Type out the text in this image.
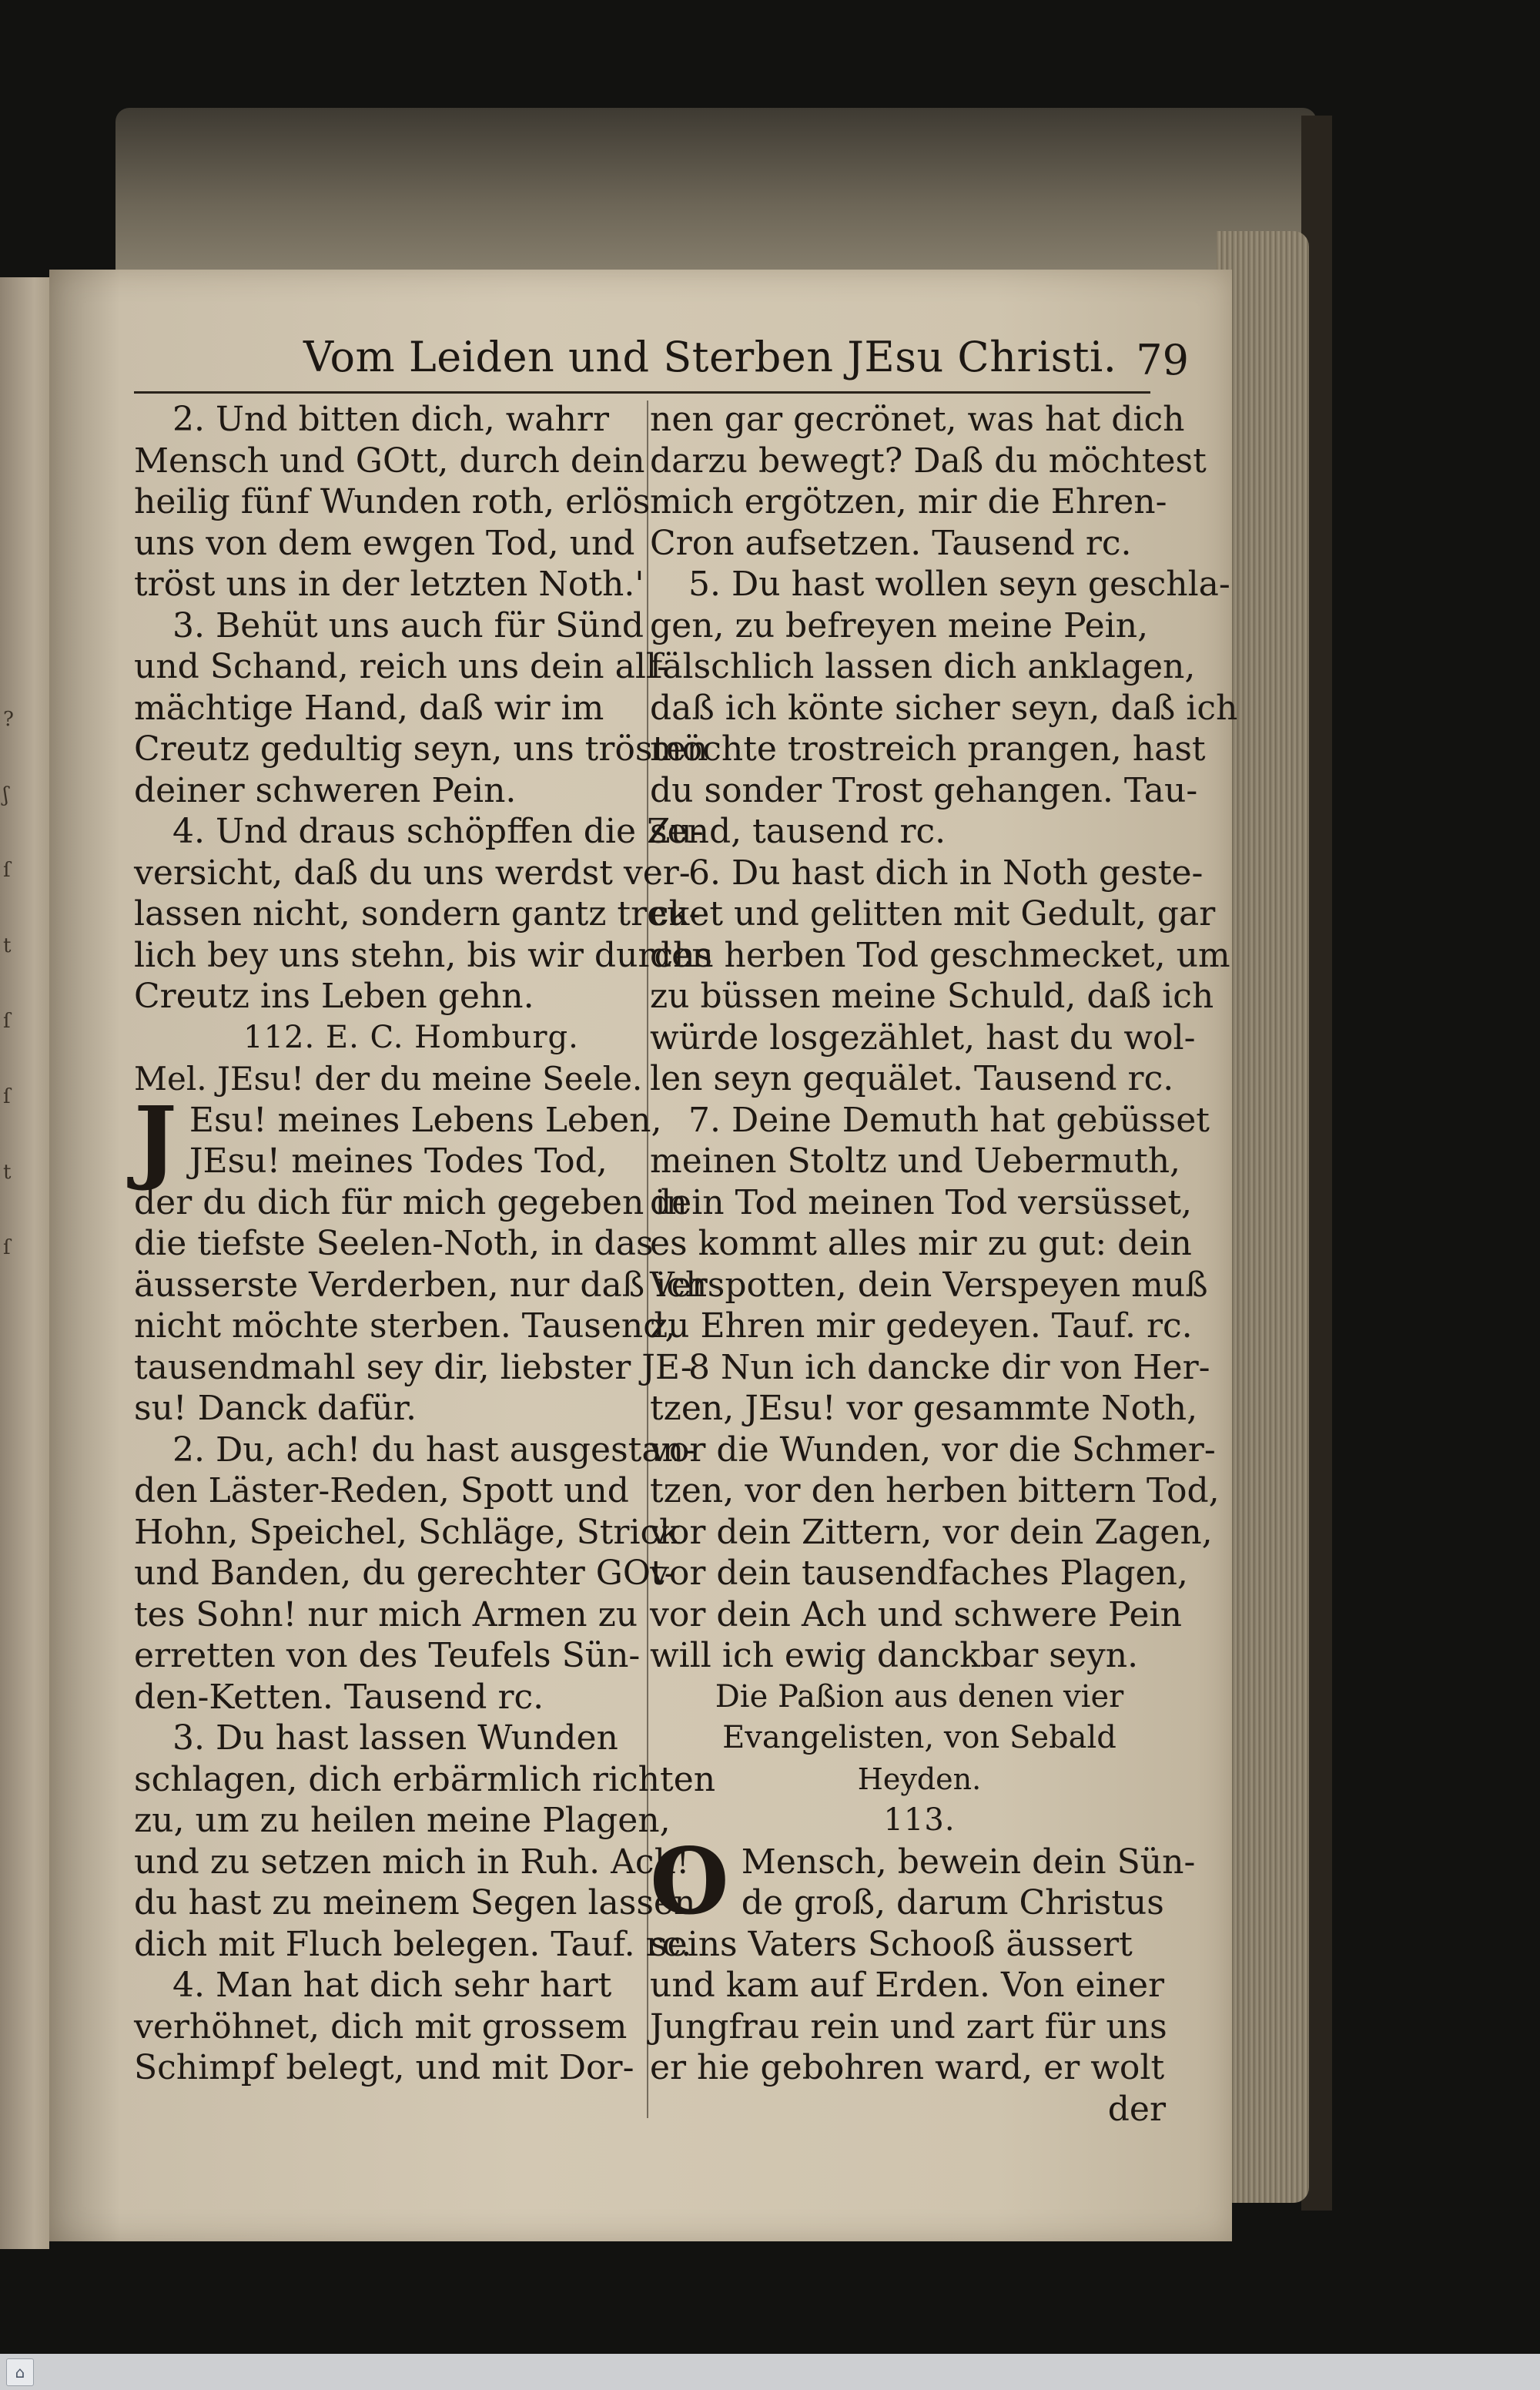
?
ʃ
ſ
t
ſ
ſ
t
ſ
Vom Leiden und Sterben JEsu Christi. 79

2. Und bitten dich, wahrr
Mensch und GOtt, durch dein
heilig fünf Wunden roth, erlös
uns von dem ewgen Tod, und
tröst uns in der letzten Noth.'

3. Behüt uns auch für Sünd
und Schand, reich uns dein all-
mächtige Hand, daß wir im
Creutz gedultig seyn, uns trösten
deiner schweren Pein.

4. Und draus schöpffen die Zu-
versicht, daß du uns werdst ver-
lassen nicht, sondern gantz treu-
lich bey uns stehn, bis wir durchs
Creutz ins Leben gehn.

112. E. C. Homburg.

Mel. JEsu! der du meine Seele.

J Esu! meines Lebens Leben,
JEsu! meines Todes Tod,
der du dich für mich gegeben in
die tiefste Seelen-Noth, in das
äusserste Verderben, nur daß ich
nicht möchte sterben. Tausend,
tausendmahl sey dir, liebster JE-
su! Danck dafür.

2. Du, ach! du hast ausgestan-
den Läster-Reden, Spott und
Hohn, Speichel, Schläge, Strick
und Banden, du gerechter GOt-
tes Sohn! nur mich Armen zu
erretten von des Teufels Sün-
den-Ketten. Tausend rc.

3. Du hast lassen Wunden
schlagen, dich erbärmlich richten
zu, um zu heilen meine Plagen,
und zu setzen mich in Ruh. Ach!
du hast zu meinem Segen lassen
dich mit Fluch belegen. Tauf. rc.

4. Man hat dich sehr hart
verhöhnet, dich mit grossem
Schimpf belegt, und mit Dor-

nen gar gecrönet, was hat dich
darzu bewegt? Daß du möchtest
mich ergötzen, mir die Ehren-
Cron aufsetzen. Tausend rc.

5. Du hast wollen seyn geschla-
gen, zu befreyen meine Pein,
fälschlich lassen dich anklagen,
daß ich könte sicher seyn, daß ich
möchte trostreich prangen, hast
du sonder Trost gehangen. Tau-
send, tausend rc.

6. Du hast dich in Noth gestе-
cket und gelitten mit Gedult, gar
den herben Tod geschmecket, um
zu büssen meine Schuld, daß ich
würde losgezählet, hast du wol-
len seyn gequälet. Tausend rc.

7. Deine Demuth hat gebüsset
meinen Stoltz und Uebermuth,
dein Tod meinen Tod versüsset,
es kommt alles mir zu gut: dein
Verspotten, dein Verspeyen muß
zu Ehren mir gedeyen. Tauf. rc.

8 Nun ich dancke dir von Her-
tzen, JEsu! vor gesammte Noth,
vor die Wunden, vor die Schmer-
tzen, vor den herben bittern Tod,
vor dein Zittern, vor dein Zagen,
vor dein tausendfaches Plagen,
vor dein Ach und schwere Pein
will ich ewig danckbar seyn.

Die Paßion aus denen vier

Evangelisten, von Sebald

Heyden.

113.

O Mensch, bewein dein Sün-
de groß, darum Christus
seins Vaters Schooß äussert
und kam auf Erden. Von einer
Jungfrau rein und zart für uns
er hie gebohren ward, er wolt

der

⌂
